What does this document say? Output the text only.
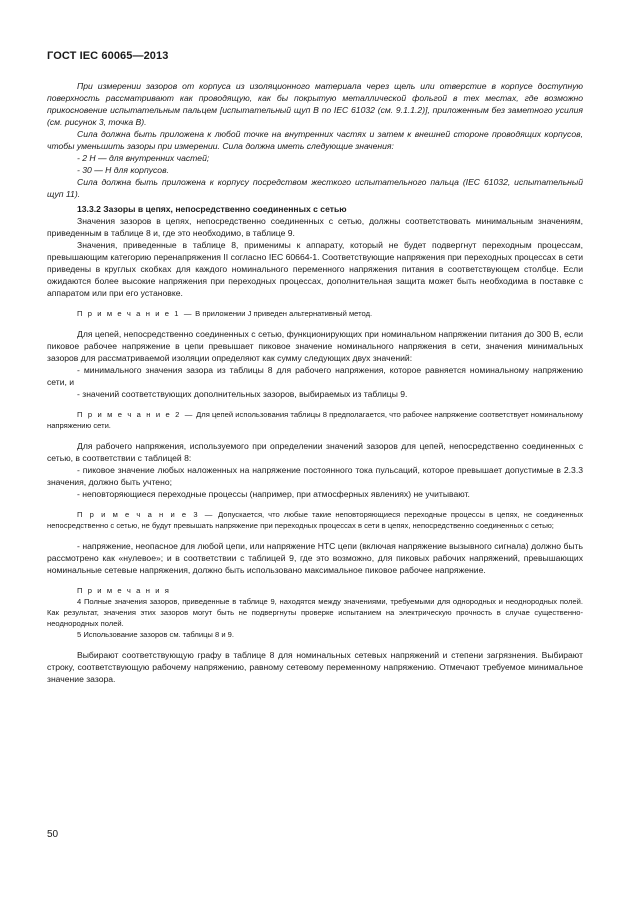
ГОСТ IEC 60065—2013

При измерении зазоров от корпуса из изоляционного материала через щель или отверстие в корпусе доступную поверхность рассматривают как проводящую, как бы покрытую металлической фольгой в тех местах, где возможно прикосновение испытательным пальцем [испытательный щуп В по IEC 61032 (см. 9.1.1.2)], приложенным без заметного усилия (см. рисунок 3, точка В).

Сила должна быть приложена к любой точке на внутренних частях и затем к внешней стороне проводящих корпусов, чтобы уменьшить зазоры при измерении. Сила должна иметь следующие значения:

- 2 Н — для внутренних частей;

- 30 — Н для корпусов.

Сила должна быть приложена к корпусу посредством жесткого испытательного пальца (IEC 61032, испытательный щуп 11).

13.3.2 Зазоры в цепях, непосредственно соединенных с сетью

Значения зазоров в цепях, непосредственно соединенных с сетью, должны соответствовать минимальным значениям, приведенным в таблице 8 и, где это необходимо, в таблице 9.

Значения, приведенные в таблице 8, применимы к аппарату, который не будет подвергнут переходным процессам, превышающим категорию перенапряжения II согласно IEC 60664-1. Соответствующие напряжения при переходных процессах в сети приведены в круглых скобках для каждого номинального переменного напряжения питания в соответствующем столбце. Если ожидаются более высокие напряжения при переходных процессах, дополнительная защита может быть необходима в поставке с аппаратом или при его установке.

П р и м е ч а н и е 1 — В приложении J приведен альтернативный метод.

Для цепей, непосредственно соединенных с сетью, функционирующих при номинальном напряжении питания до 300 В, если пиковое рабочее напряжение в цепи превышает пиковое значение номинального напряжения в сети, значения минимальных зазоров для рассматриваемой изоляции определяют как сумму следующих двух значений:

- минимального значения зазора из таблицы 8 для рабочего напряжения, которое равняется номинальному напряжению сети, и

- значений соответствующих дополнительных зазоров, выбираемых из таблицы 9.

П р и м е ч а н и е 2 — Для цепей использования таблицы 8 предполагается, что рабочее напряжение соответствует номинальному напряжению сети.

Для рабочего напряжения, используемого при определении значений зазоров для цепей, непосредственно соединенных с сетью, в соответствии с таблицей 8:

- пиковое значение любых наложенных на напряжение постоянного тока пульсаций, которое превышает допустимые в 2.3.3 значения, должно быть учтено;

- неповторяющиеся переходные процессы (например, при атмосферных явлениях) не учитывают.

П р и м е ч а н и е 3 — Допускается, что любые такие неповторяющиеся переходные процессы в цепях, не соединенных непосредственно с сетью, не будут превышать напряжение при переходных процессах в сети в цепях, непосредственно соединенных с сетью;

- напряжение, неопасное для любой цепи, или напряжение НТС цепи (включая напряжение вызывного сигнала) должно быть рассмотрено как «нулевое»; и в соответствии с таблицей 9, где это возможно, для пиковых рабочих напряжений, превышающих номинальные сетевые напряжения, должно быть использовано максимальное пиковое рабочее напряжение.

П р и м е ч а н и я

4 Полные значения зазоров, приведенные в таблице 9, находятся между значениями, требуемыми для однородных и неоднородных полей. Как результат, значения этих зазоров могут быть не подвергнуты проверке испытанием на электрическую прочность в случае существенно-неоднородных полей.

5 Использование зазоров см. таблицы 8 и 9.

Выбирают соответствующую графу в таблице 8 для номинальных сетевых напряжений и степени загрязнения. Выбирают строку, соответствующую рабочему напряжению, равному сетевому переменному напряжению. Отмечают требуемое минимальное значение зазора.

50
